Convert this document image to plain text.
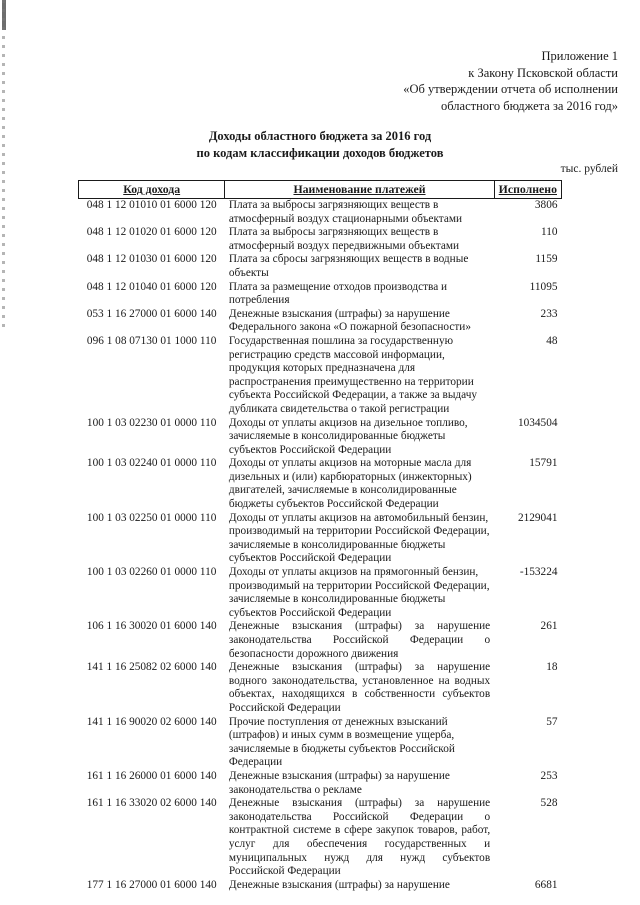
Приложение 1
к Закону Псковской области
«Об утверждении отчета об исполнении
областного бюджета за 2016 год»
Доходы областного бюджета за 2016 год
по кодам классификации доходов бюджетов
тыс. рублей
Код дохода	Наименование платежей	Исполнено
048 1 12 01010 01 6000 120	Плата за выбросы загрязняющих веществ в атмосферный воздух стационарными объектами	3806
048 1 12 01020 01 6000 120	Плата за выбросы загрязняющих веществ в атмосферный воздух передвижными объектами	110
048 1 12 01030 01 6000 120	Плата за сбросы загрязняющих веществ в водные объекты	1159
048 1 12 01040 01 6000 120	Плата за размещение отходов производства и потребления	11095
053 1 16 27000 01 6000 140	Денежные взыскания (штрафы) за нарушение Федерального закона «О пожарной безопасности»	233
096 1 08 07130 01 1000 110	Государственная пошлина за государственную регистрацию средств массовой информации, продукция которых предназначена для распространения преимущественно на территории субъекта Российской Федерации, а также за выдачу дубликата свидетельства о такой регистрации	48
100 1 03 02230 01 0000 110	Доходы от уплаты акцизов на дизельное топливо, зачисляемые в консолидированные бюджеты субъектов Российской Федерации	1034504
100 1 03 02240 01 0000 110	Доходы от уплаты акцизов на моторные масла для дизельных и (или) карбюраторных (инжекторных) двигателей, зачисляемые в консолидированные бюджеты субъектов Российской Федерации	15791
100 1 03 02250 01 0000 110	Доходы от уплаты акцизов на автомобильный бензин, производимый на территории Российской Федерации, зачисляемые в консолидированные бюджеты субъектов Российской Федерации	2129041
100 1 03 02260 01 0000 110	Доходы от уплаты акцизов на прямогонный бензин, производимый на территории Российской Федерации, зачисляемые в консолидированные бюджеты субъектов Российской Федерации	-153224
106 1 16 30020 01 6000 140	Денежные взыскания (штрафы) за нарушение законодательства Российской Федерации о безопасности дорожного движения	261
141 1 16 25082 02 6000 140	Денежные взыскания (штрафы) за нарушение водного законодательства, установленное на водных объектах, находящихся в собственности субъектов Российской Федерации	18
141 1 16 90020 02 6000 140	Прочие поступления от денежных взысканий (штрафов) и иных сумм в возмещение ущерба, зачисляемые в бюджеты субъектов Российской Федерации	57
161 1 16 26000 01 6000 140	Денежные взыскания (штрафы) за нарушение законодательства о рекламе	253
161 1 16 33020 02 6000 140	Денежные взыскания (штрафы) за нарушение законодательства Российской Федерации о контрактной системе в сфере закупок товаров, работ, услуг для обеспечения государственных и муниципальных нужд для нужд субъектов Российской Федерации	528
177 1 16 27000 01 6000 140	Денежные взыскания (штрафы) за нарушение	6681
